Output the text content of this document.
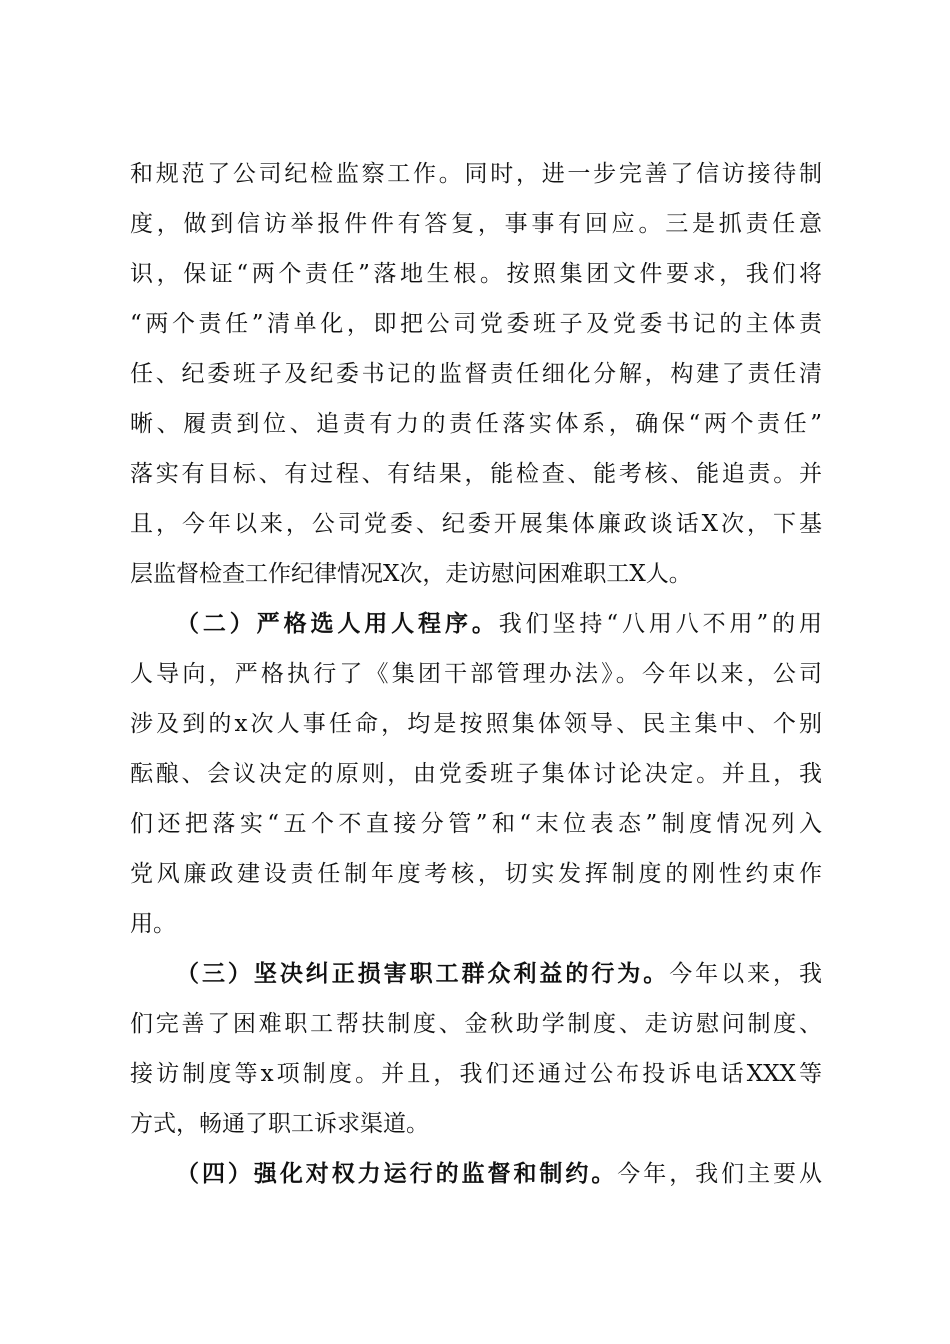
和规范了公司纪检监察工作。同时，进一步完善了信访接待制
度，做到信访举报件件有答复，事事有回应。三是抓责任意
识，保证“两个责任”落地生根。按照集团文件要求，我们将
“两个责任”清单化，即把公司党委班子及党委书记的主体责
任、纪委班子及纪委书记的监督责任细化分解，构建了责任清
晰、履责到位、追责有力的责任落实体系，确保“两个责任”
落实有目标、有过程、有结果，能检查、能考核、能追责。并
且，今年以来，公司党委、纪委开展集体廉政谈话X次，下基
层监督检查工作纪律情况X次，走访慰问困难职工X人。
（二）严格选人用人程序。我们坚持“八用八不用”的用
人导向，严格执行了《集团干部管理办法》。今年以来，公司
涉及到的x次人事任命，均是按照集体领导、民主集中、个别
酝酿、会议决定的原则，由党委班子集体讨论决定。并且，我
们还把落实“五个不直接分管”和“末位表态”制度情况列入
党风廉政建设责任制年度考核，切实发挥制度的刚性约束作
用。
（三）坚决纠正损害职工群众利益的行为。今年以来，我
们完善了困难职工帮扶制度、金秋助学制度、走访慰问制度、
接访制度等x项制度。并且，我们还通过公布投诉电话XXX等
方式，畅通了职工诉求渠道。
（四）强化对权力运行的监督和制约。今年，我们主要从
